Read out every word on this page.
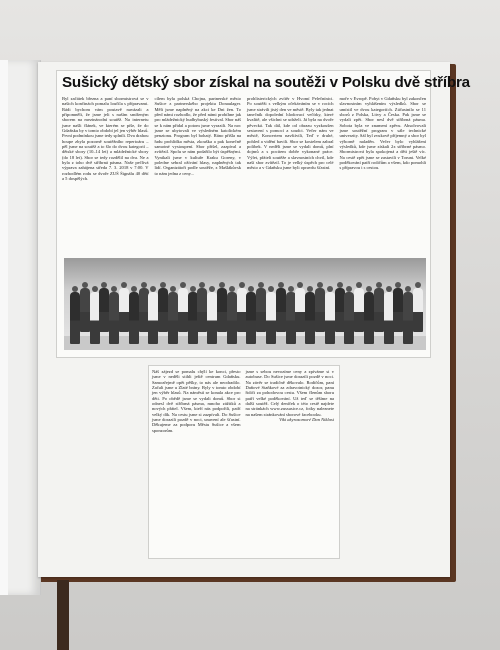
Sušický dětský sbor získal na soutěži v Polsku dvě stříbra
Byl začátek března a paní sbormistrová se v našich končinách pomalu loučila s přípravami. Rádi bychom vám poutavě navázali a připomněli, že jsme jeli s naším smíšeným sborem na mezinárodní soutěž. Na internetu jsme našli článek, ve kterém se píše, že do Gdaňsku by v tomto období jel jen výběr hlasů. První podmínkou jsme tedy splnili. Dva drahou houpe zbyla pozorně soutěžního repertoáru – pěl jsme na soutěž a to šlo do dvou kategorií – dětské sbory (10–14 let) a mládežnické sbory (do 18 let). Sbor se tedy rozdělil na dva. Ne a byla z toho dvě stříbrná pásma. Naše pečlivá výprava zahájena středa 7. 3. 2018 v 7:00. V rozhodlém rodu se dvoře ZUŠ Šignálu 40 dětí a 5 dospělých.
cílem byla polská Chojna, partnerské město Sušice z partnerského projektu Donaulager. Měli jsme naplněný na akci ke Dni žen. To před námi rozhodlo, že před námi probíhne jak pro mládežnický hudbybuský festival. Sbor náš se k nám přidal a potom jsme vyrazili. Na noc jsme se ubytovali ve výsledném katolickém penzionu. Program byl bohatý. Ráno přišla na řadu prohlídka města, zkouška a pak konečně samotné vystoupení. Sbor přišel, zazpíval a zvítězil. Spolu se nám podařilo být úspěšnými. Vynikali jsme v kultuře Kraku Goreny, v poledne sebral ožívání hlasy, naplněných tak lidí. Organizátoři podle soutěže, z Mašlákůvsk to nám jedna z ceny...
prohlisterických zvítěr v Hvomí Pelečnínici. Po soutěži s velkým očekáváním se v rocích jsme strávili jistý den ve městě. Byly tak jednat tanečník dopolední hlodovací večírky, které kvalitě, ale všichni se udrželi. Já byla na dvoře pěvecká. Tak dál, kde od obrazu vyzkoušen sestavení s pomocí a soudci. Večer nám ve městě, Koncertem navštívili, Teď v druhé, pohled a vidění bavili. Sbor se kostelem zabral polibek. V neděli jsme se vydali domů, plní dojmů a s pocitem dobře vykonané práce. Výlet, přáteli soutěže a slavnostních chvil, kde naší sbor zvítězil. To je velký úspěch pro celé město a v Gdaňsku jsme byli opravdu šťastní.
moře v Evropě. Pobyt v Gdaňsku byl zakončen slavnostním vyhlášením výsledků. Sbor se umístil ve dvou kategoriích. Zúčastnilo se 11 sborů z Polska, Litvy a Česka. Pak jsme se vydali zpět. Sbor nesl dvě stříbrná pásma. Sobota byla ve znamení zpěvu. Absolvovali jsme soutěžní program v sále technické univerzity. Sál byl zvukově příjemný a sbor byl výborně naladěn. Večer bylo vyhlášení výsledků, kde jsme získali 2x stříbrné pásmo. Sbormistrová byla spokojená a děti ještě víc. Na cestě zpět jsme se zastavili v Toruni. Velké poděkování patří rodičům a všem, kdo pomohli s přípravou i s cestou.
Náš zájezd se pomalu chýlí ke konci, přesto jsme v neděli stihli ještě centrum Gdaňsku. Samozřejmě opět pěšky, to nás ale neodradilo. Začali jsme u Zlaté brány. Byly v tomto období jen výběr hlasů. Na náměstí se konala akce pro děti. Po obědě jsme se vydali domů. Sbor si odnesl dvě stříbrná pásma, mnoho zážitků a nových přátel. Všem, kteří nás podpořili, patří velký dík. Na cestu jsme si zazpívali. Do Sušice jsme dorazili pozdě v noci, unavení ale šťastní. Děkujeme za podporu Městu Sušice a všem sponzorům.
jsme s sebou nevozíme ceny a zpíváme si v autobuse. Do Sušice jsme dorazili pozdě v noci. Na závěr se tradičně děkovalo. Rodičům, paní Daňové Staňkové za zdravotnický dozor, panu řidiči za pohodovou cestu. Všem členům sboru patří velké poděkování. Už teď se těšíme na další soutěž. Celý deníček o této cestě najdete na stránkách www.zussusice.cz, fotky naleznete na našem stránkování sborové facebooku.
Viki akyrasomoré Dan Niklasi
